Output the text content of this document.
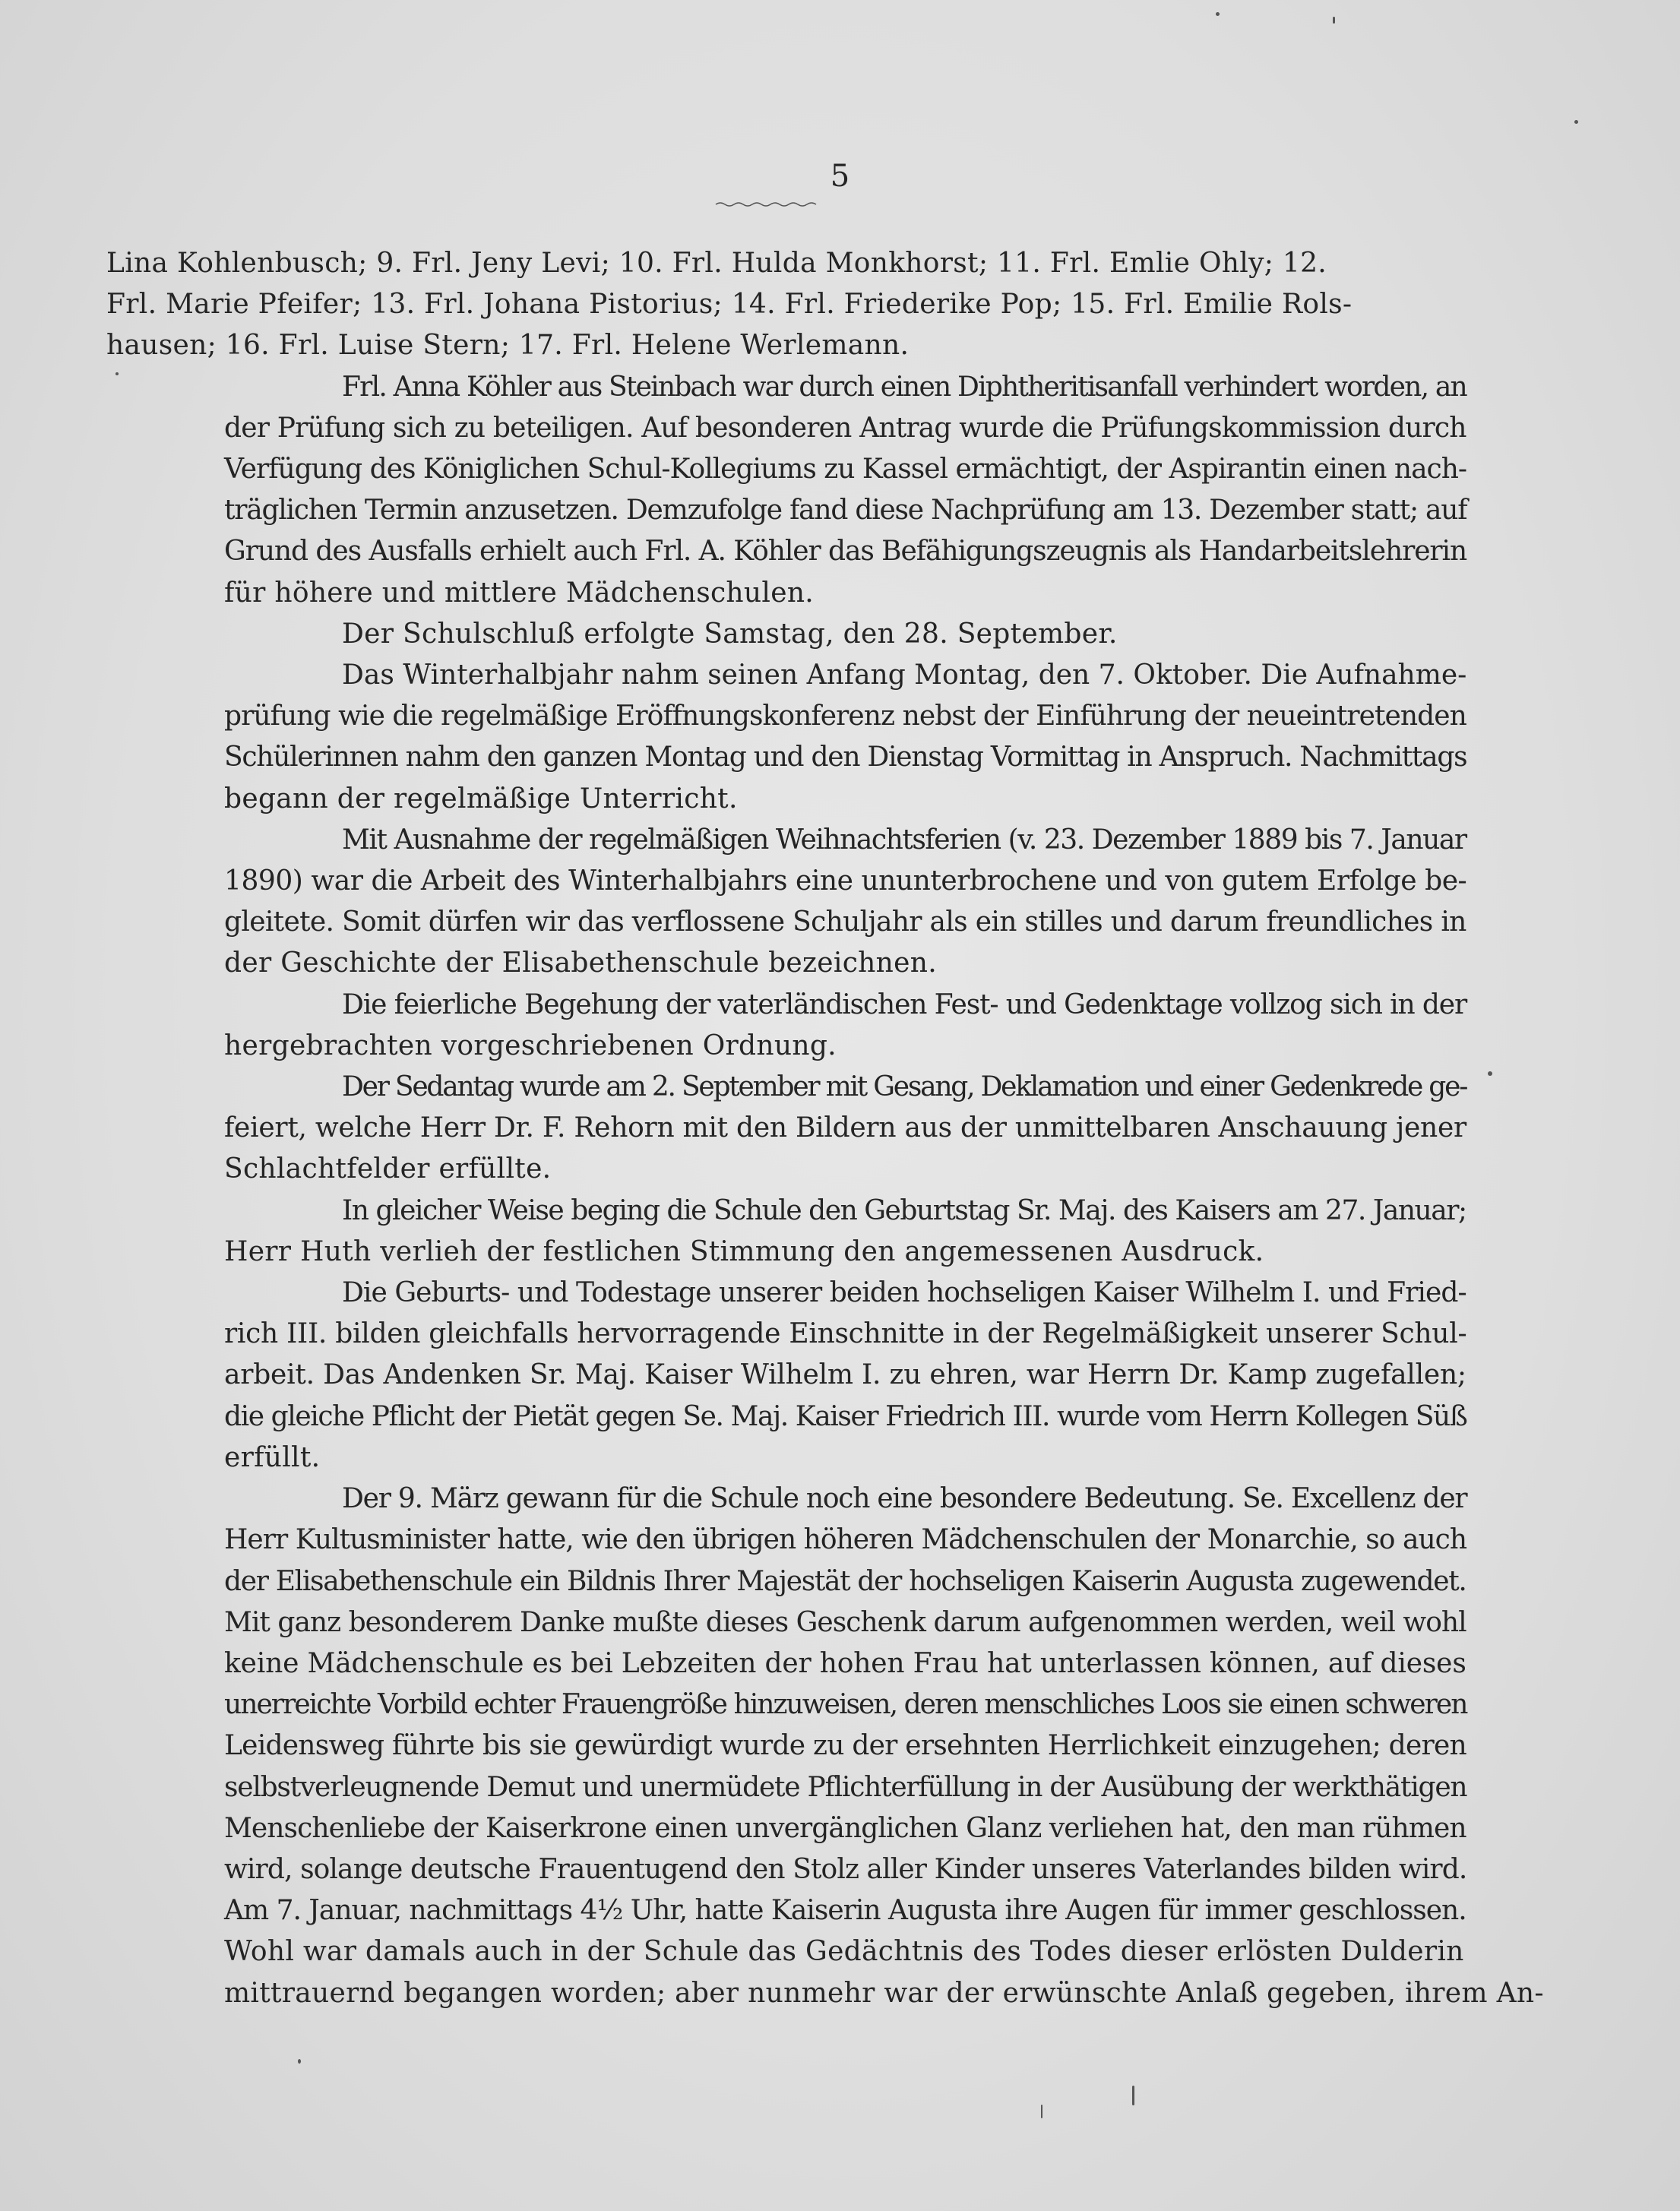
5

Lina Kohlenbusch; 9. Frl. Jeny Levi; 10. Frl. Hulda Monkhorst; 11. Frl. Emlie Ohly; 12.
Frl. Marie Pfeifer; 13. Frl. Johana Pistorius; 14. Frl. Friederike Pop; 15. Frl. Emilie Rols-
hausen; 16. Frl. Luise Stern; 17. Frl. Helene Werlemann.

Frl. Anna Köhler aus Steinbach war durch einen Diphtheritisanfall verhindert worden, an
der Prüfung sich zu beteiligen. Auf besonderen Antrag wurde die Prüfungskommission durch
Verfügung des Königlichen Schul-Kollegiums zu Kassel ermächtigt, der Aspirantin einen nach-
träglichen Termin anzusetzen. Demzufolge fand diese Nachprüfung am 13. Dezember statt; auf
Grund des Ausfalls erhielt auch Frl. A. Köhler das Befähigungszeugnis als Handarbeitslehrerin
für höhere und mittlere Mädchenschulen.

Der Schulschluß erfolgte Samstag, den 28. September.

Das Winterhalbjahr nahm seinen Anfang Montag, den 7. Oktober. Die Aufnahme-
prüfung wie die regelmäßige Eröffnungskonferenz nebst der Einführung der neueintretenden
Schülerinnen nahm den ganzen Montag und den Dienstag Vormittag in Anspruch. Nachmittags
begann der regelmäßige Unterricht.

Mit Ausnahme der regelmäßigen Weihnachtsferien (v. 23. Dezember 1889 bis 7. Januar
1890) war die Arbeit des Winterhalbjahrs eine ununterbrochene und von gutem Erfolge be-
gleitete. Somit dürfen wir das verflossene Schuljahr als ein stilles und darum freundliches in
der Geschichte der Elisabethenschule bezeichnen.

Die feierliche Begehung der vaterländischen Fest- und Gedenktage vollzog sich in der
hergebrachten vorgeschriebenen Ordnung.

Der Sedantag wurde am 2. September mit Gesang, Deklamation und einer Gedenkrede ge-
feiert, welche Herr Dr. F. Rehorn mit den Bildern aus der unmittelbaren Anschauung jener
Schlachtfelder erfüllte.

In gleicher Weise beging die Schule den Geburtstag Sr. Maj. des Kaisers am 27. Januar;
Herr Huth verlieh der festlichen Stimmung den angemessenen Ausdruck.

Die Geburts- und Todestage unserer beiden hochseligen Kaiser Wilhelm I. und Fried-
rich III. bilden gleichfalls hervorragende Einschnitte in der Regelmäßigkeit unserer Schul-
arbeit. Das Andenken Sr. Maj. Kaiser Wilhelm I. zu ehren, war Herrn Dr. Kamp zugefallen;
die gleiche Pflicht der Pietät gegen Se. Maj. Kaiser Friedrich III. wurde vom Herrn Kollegen Süß
erfüllt.

Der 9. März gewann für die Schule noch eine besondere Bedeutung. Se. Excellenz der
Herr Kultusminister hatte, wie den übrigen höheren Mädchenschulen der Monarchie, so auch
der Elisabethenschule ein Bildnis Ihrer Majestät der hochseligen Kaiserin Augusta zugewendet.
Mit ganz besonderem Danke mußte dieses Geschenk darum aufgenommen werden, weil wohl
keine Mädchenschule es bei Lebzeiten der hohen Frau hat unterlassen können, auf dieses
unerreichte Vorbild echter Frauengröße hinzuweisen, deren menschliches Loos sie einen schweren
Leidensweg führte bis sie gewürdigt wurde zu der ersehnten Herrlichkeit einzugehen; deren
selbstverleugnende Demut und unermüdete Pflichterfüllung in der Ausübung der werkthätigen
Menschenliebe der Kaiserkrone einen unvergänglichen Glanz verliehen hat, den man rühmen
wird, solange deutsche Frauentugend den Stolz aller Kinder unseres Vaterlandes bilden wird.
Am 7. Januar, nachmittags 4½ Uhr, hatte Kaiserin Augusta ihre Augen für immer geschlossen.
Wohl war damals auch in der Schule das Gedächtnis des Todes dieser erlösten Dulderin
mittrauernd begangen worden; aber nunmehr war der erwünschte Anlaß gegeben, ihrem An-
